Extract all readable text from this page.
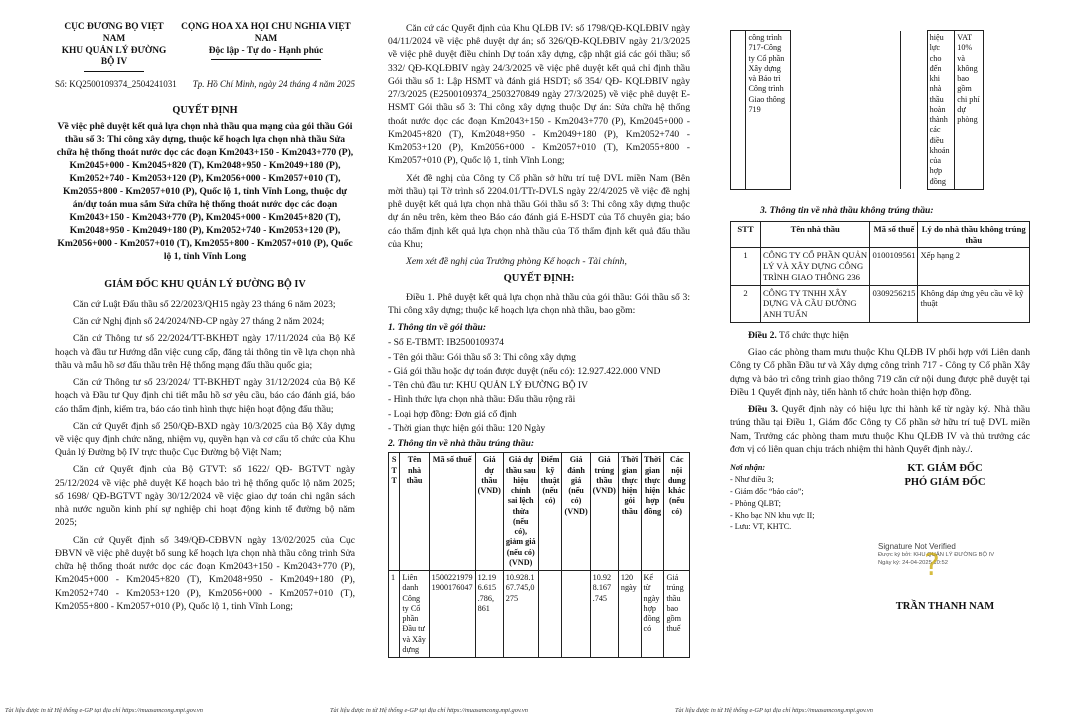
CỤC ĐƯỜNG BỘ VIỆT NAM
KHU QUẢN LÝ ĐƯỜNG BỘ IV
CỘNG HÒA XÃ HỘI CHỦ NGHĨA VIỆT NAM
Độc lập - Tự do - Hạnh phúc
Số: KQ2500109374_2504241031 Tp. Hồ Chí Minh, ngày 24 tháng 4 năm 2025
QUYẾT ĐỊNH
Về việc phê duyệt kết quả lựa chọn nhà thầu qua mạng của gói thầu Gói thầu số 3: Thi công xây dựng, thuộc kế hoạch lựa chọn nhà thầu Sửa chữa hệ thống thoát nước dọc các đoạn Km2043+150 - Km2043+770 (P), Km2045+000 - Km2045+820 (T), Km2048+950 - Km2049+180 (P), Km2052+740 - Km2053+120 (P), Km2056+000 - Km2057+010 (T), Km2055+800 - Km2057+010 (P), Quốc lộ 1, tỉnh Vĩnh Long, thuộc dự án/dự toán mua sắm Sửa chữa hệ thống thoát nước dọc các đoạn Km2043+150 - Km2043+770 (P), Km2045+000 - Km2045+820 (T), Km2048+950 - Km2049+180 (P), Km2052+740 - Km2053+120 (P), Km2056+000 - Km2057+010 (T), Km2055+800 - Km2057+010 (P), Quốc lộ 1, tỉnh Vĩnh Long
GIÁM ĐỐC KHU QUẢN LÝ ĐƯỜNG BỘ IV

Căn cứ Luật Đấu thầu số 22/2023/QH15 ngày 23 tháng 6 năm 2023;

Căn cứ Nghị định số 24/2024/NĐ-CP ngày 27 tháng 2 năm 2024;

Căn cứ Thông tư số 22/2024/TT-BKHĐT ngày 17/11/2024 của Bộ Kế hoạch và đầu tư Hướng dẫn việc cung cấp, đăng tải thông tin về lựa chọn nhà thầu và mẫu hồ sơ đấu thầu trên Hệ thống mạng đấu thầu quốc gia;

Căn cứ Thông tư số 23/2024/ TT-BKHĐT ngày 31/12/2024 của Bộ Kế hoạch và Đầu tư Quy định chi tiết mẫu hồ sơ yêu cầu, báo cáo đánh giá, báo cáo thẩm định, kiểm tra, báo cáo tình hình thực hiện hoạt động đấu thầu;

Căn cứ Quyết định số 250/QĐ-BXD ngày 10/3/2025 của Bộ Xây dựng về việc quy định chức năng, nhiệm vụ, quyền hạn và cơ cấu tổ chức của Khu Quản lý Đường bộ IV trực thuộc Cục Đường bộ Việt Nam;

Căn cứ Quyết định của Bộ GTVT: số 1622/ QĐ- BGTVT ngày 25/12/2024 về việc phê duyệt Kế hoạch bảo trì hệ thống quốc lộ năm 2025; số 1698/ QĐ-BGTVT ngày 30/12/2024 về việc giao dự toán chi ngân sách nhà nước nguồn kinh phí sự nghiệp chi hoạt động kinh tế đường bộ năm 2025;

Căn cứ Quyết định số 349/QĐ-CĐBVN ngày 13/02/2025 của Cục ĐBVN về việc phê duyệt bổ sung kế hoạch lựa chọn nhà thầu công trình Sửa chữa hệ thống thoát nước dọc các đoạn Km2043+150 - Km2043+770 (P), Km2045+000 - Km2045+820 (T), Km2048+950 - Km2049+180 (P), Km2052+740 - Km2053+120 (P), Km2056+000 - Km2057+010 (T), Km2055+800 - Km2057+010 (P), Quốc lộ 1, tỉnh Vĩnh Long;

Căn cứ các Quyết định của Khu QLĐB IV: số 1798/QĐ-KQLĐBIV ngày 04/11/2024 về việc phê duyệt dự án; số 326/QĐ-KQLĐBIV ngày 21/3/2025 về việc phê duyệt điều chỉnh Dự toán xây dựng, cập nhật giá các gói thầu; số 332/ QĐ-KQLĐBIV ngày 24/3/2025 về việc phê duyệt kết quả chỉ định thầu Gói thầu số 1: Lập HSMT và đánh giá HSDT; số 354/ QĐ- KQLĐBIV ngày 27/3/2025 (E2500109374_2503270849 ngày 27/3/2025) về việc phê duyệt E-HSMT Gói thầu số 3: Thi công xây dựng thuộc Dự án: Sửa chữa hệ thống thoát nước dọc các đoạn Km2043+150 - Km2043+770 (P), Km2045+000 - Km2045+820 (T), Km2048+950 - Km2049+180 (P), Km2052+740 - Km2053+120 (P), Km2056+000 - Km2057+010 (T), Km2055+800 - Km2057+010 (P), Quốc lộ 1, tỉnh Vĩnh Long;

Xét đề nghị của Công ty Cổ phần sở hữu trí tuệ DVL miền Nam (Bên mời thầu) tại Tờ trình số 2204.01/TTr-DVLS ngày 22/4/2025 về việc đề nghị phê duyệt kết quả lựa chọn nhà thầu Gói thầu số 3: Thi công xây dựng thuộc dự án nêu trên, kèm theo Báo cáo đánh giá E-HSDT của Tổ chuyên gia; báo cáo thẩm định kết quả lựa chọn nhà thầu của Tổ thẩm định kết quả đấu thầu của Khu;

Xem xét đề nghị của Trưởng phòng Kế hoạch - Tài chính,

QUYẾT ĐỊNH:

Điều 1. Phê duyệt kết quả lựa chọn nhà thầu của gói thầu: Gói thầu số 3: Thi công xây dựng; thuộc kế hoạch lựa chọn nhà thầu, bao gồm:

1. Thông tin về gói thầu:
- Số E-TBMT: IB2500109374
- Tên gói thầu: Gói thầu số 3: Thi công xây dựng
- Giá gói thầu hoặc dự toán được duyệt (nếu có): 12.927.422.000 VND
- Tên chủ đầu tư: KHU QUẢN LÝ ĐƯỜNG BỘ IV
- Hình thức lựa chọn nhà thầu: Đấu thầu rộng rãi
- Loại hợp đồng: Đơn giá cố định
- Thời gian thực hiện gói thầu: 120 Ngày
2. Thông tin về nhà thầu trúng thầu:
S T T	Tên nhà thầu	Mã số thuế	Giá dự thầu (VND)	Giá dự thầu sau hiệu chỉnh sai lệch thừa (nếu có), giảm giá (nếu có) (VND)	Điểm kỹ thuật (nếu có)	Giá đánh giá (nếu có) (VND)	Giá trúng thầu (VND)	Thời gian thực hiện gói thầu	Thời gian thực hiện hợp đồng	Các nội dung khác (nếu có)
1	Liên danh Công ty Cổ phần Đầu tư và Xây dựng	1500221979 1900176047	12.19 6.615 .786, 861	10.928.1 67.745,0 275			10.92 8.167 .745	120 ngày	Kể từ ngày hợp đồng có	Giá trúng thầu bao gồm thuế
	công trình 717-Công ty Cổ phần Xây dựng và Bảo trì Công trình Giao thông 719			hiệu lực cho đến khi nhà thầu hoàn thành các điều khoản của hợp đồng	VAT 10% và không bao gồm chi phí dự phòng	
3. Thông tin về nhà thầu không trúng thầu:
STT	Tên nhà thầu	Mã số thuế	Lý do nhà thầu không trúng thầu
1	CÔNG TY CỔ PHẦN QUẢN LÝ VÀ XÂY DỰNG CÔNG TRÌNH GIAO THÔNG 236	0100109561	Xếp hạng 2
2	CÔNG TY TNHH XÂY DỰNG VÀ CẦU ĐƯỜNG ANH TUẤN	0309256215	Không đáp ứng yêu cầu về kỹ thuật

Điều 2. Tổ chức thực hiện

Giao các phòng tham mưu thuộc Khu QLĐB IV phối hợp với Liên danh Công ty Cổ phần Đầu tư và Xây dựng công trình 717 - Công ty Cổ phần Xây dựng và bảo trì công trình giao thông 719 căn cứ nội dung được phê duyệt tại Điều 1 Quyết định này, tiến hành tổ chức hoàn thiện hợp đồng.

Điều 3. Quyết định này có hiệu lực thi hành kể từ ngày ký. Nhà thầu trúng thầu tại Điều 1, Giám đốc Công ty Cổ phần sở hữu trí tuệ DVL miền Nam, Trưởng các phòng tham mưu thuộc Khu QLĐB IV và thủ trưởng các đơn vị có liên quan chịu trách nhiệm thi hành Quyết định này./.

Nơi nhận:
- Như điều 3;
- Giám đốc “báo cáo”;
- Phòng QLBT;
- Kho bạc NN khu vực II;
- Lưu: VT, KHTC.
KT. GIÁM ĐỐC
PHÓ GIÁM ĐỐC
Signature Not Verified
Được ký bởi: KHU QUẢN LÝ ĐƯỜNG BỘ IV
Ngày ký: 24-04-2025 10:52
?
TRẦN THANH NAM
Tài liệu được in từ Hệ thống e-GP tại địa chỉ https://muasamcong.mpi.gov.vn	Tài liệu được in từ Hệ thống e-GP tại địa chỉ https://muasamcong.mpi.gov.vn	Tài liệu được in từ Hệ thống e-GP tại địa chỉ https://muasamcong.mpi.gov.vn
